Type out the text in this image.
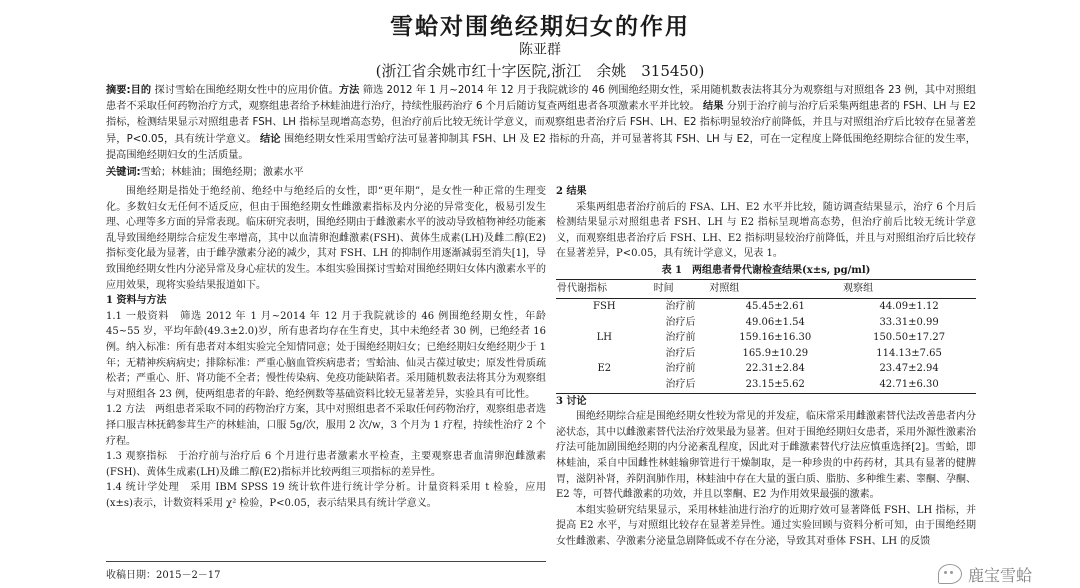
雪蛤对围绝经期妇女的作用
陈亚群
(浙江省余姚市红十字医院,浙江　余姚　315450)
摘要:目的 探讨雪蛤在围绝经期女性中的应用价值。方法 筛选 2012 年 1 月~2014 年 12 月于我院就诊的 46 例围绝经期女性，采用随机数表法将其分为观察组与对照组各 23 例，其中对照组患者不采取任何药物治疗方式，观察组患者给予林蛙油进行治疗，持续性服药治疗 6 个月后随访复查两组患者各项激素水平并比较。 结果 分别于治疗前与治疗后采集两组患者的 FSH、LH 与 E2 指标，检测结果显示对照组患者 FSH、LH 指标呈现增高态势，但治疗前后比较无统计学意义，而观察组患者治疗后 FSH、LH、E2 指标明显较治疗前降低，并且与对照组治疗后比较存在显著差异，P<0.05，具有统计学意义。 结论 围绝经期女性采用雪蛤疗法可显著抑制其 FSH、LH 及 E2 指标的升高，并可显著将其 FSH、LH 与 E2，可在一定程度上降低围绝经期综合征的发生率，提高围绝经期妇女的生活质量。
关键词:雪蛤；林蛙油；围绝经期；激素水平

围绝经期是指处于绝经前、绝经中与绝经后的女性，即“更年期”，是女性一种正常的生理变化。多数妇女无任何不适反应，但由于围绝经期女性雌激素指标及内分泌的异常变化，极易引发生理、心理等多方面的异常表现。临床研究表明，围绝经期由于雌激素水平的波动导致植物神经功能紊乱导致围绝经期综合症发生率增高，其中以血清卵泡雌激素(FSH)、黄体生成素(LH)及雌二醇(E2)指标变化最为显著，由于雌孕激素分泌的减少，其对 FSH、LH 的抑制作用逐渐减弱至消失[1]，导致围绝经期女性内分泌异常及身心症状的发生。本组实验围探讨雪蛤对围绝经期妇女体内激素水平的应用效果，现将实验结果报道如下。

1 资料与方法

1.1 一般资料　筛选 2012 年 1 月~2014 年 12 月于我院就诊的 46 例围绝经期女性，年龄 45~55 岁，平均年龄(49.3±2.0)岁，所有患者均存在生育史，其中未绝经者 30 例，已绝经者 16 例。纳入标准：所有患者对本组实验完全知情同意；处于围绝经期妇女；已绝经期妇女绝经期少于 1 年；无精神疾病病史；排除标准：严重心脑血管疾病患者；雪蛤油、仙灵古葆过敏史；原发性骨质疏松者；严重心、肝、肾功能不全者；慢性传染病、免疫功能缺陷者。采用随机数表法将其分为观察组与对照组各 23 例，使两组患者的年龄、绝经例数等基础资料比较无显著差异，实验具有可比性。

1.2 方法　两组患者采取不同的药物治疗方案，其中对照组患者不采取任何药物治疗，观察组患者选择口服吉林抚鹤参茸生产的林蛙油，口服 5g/次，服用 2 次/w，3 个月为 1 疗程，持续性治疗 2 个疗程。

1.3 观察指标　于治疗前与治疗后 6 个月进行患者激素水平检查，主要观察患者血清卵泡雌激素(FSH)、黄体生成素(LH)及雌二醇(E2)指标并比较两组三项指标的差异性。

1.4 统计学处理　采用 IBM SPSS 19 统计软件进行统计学分析。计量资料采用 t 检验，应用(x±s)表示，计数资料采用 χ² 检验，P<0.05，表示结果具有统计学意义。

收稿日期：2015－2－17

2 结果

采集两组患者治疗前后的 FSA、LH、E2 水平并比较，随访调查结果显示，治疗 6 个月后检测结果显示对照组患者 FSH、LH 与 E2 指标呈现增高态势，但治疗前后比较无统计学意义，而观察组患者治疗后 FSH、LH、E2 指标明显较治疗前降低，并且与对照组治疗后比较存在显著差异，P<0.05，具有统计学意义，见表 1。

表 1　两组患者骨代谢检查结果(x±s, pg/ml)
骨代谢指标	时间	对照组	观察组
FSH	治疗前	45.45±2.61	44.09±1.12
	治疗后	49.06±1.54	33.31±0.99
LH	治疗前	159.16±16.30	150.50±17.27
	治疗后	165.9±10.29	114.13±7.65
E2	治疗前	22.31±2.84	23.47±2.94
	治疗后	23.15±5.62	42.71±6.30

3 讨论

围绝经期综合症是围绝经期女性较为常见的并发症，临床常采用雌激素替代法改善患者内分泌状态，其中以雌激素替代法治疗效果最为显著。但对于围绝经期妇女患者，采用外源性激素治疗法可能加剧围绝经期的内分泌紊乱程度，因此对于雌激素替代疗法应慎重选择[2]。雪蛤，即林蛙油，采自中国雌性林蛙输卵管进行干燥制取，是一种珍贵的中药药材，其具有显著的健脾胃，滋阴补肾，养阴润肺作用，林蛙油中存在大量的蛋白质、脂肪、多种维生素、睾酮、孕酮、E2 等，可替代雌激素的功效，并且以睾酮、E2 为作用效果最强的激素。

本组实验研究结果显示，采用林蛙油进行治疗的近期疗效可显著降低 FSH、LH 指标，并提高 E2 水平，与对照组比较存在显著差异性。通过实验回顾与资料分析可知，由于围绝经期女性雌激素、孕激素分泌量急剧降低或不存在分泌，导致其对垂体 FSH、LH 的反馈

鹿宝雪蛤
